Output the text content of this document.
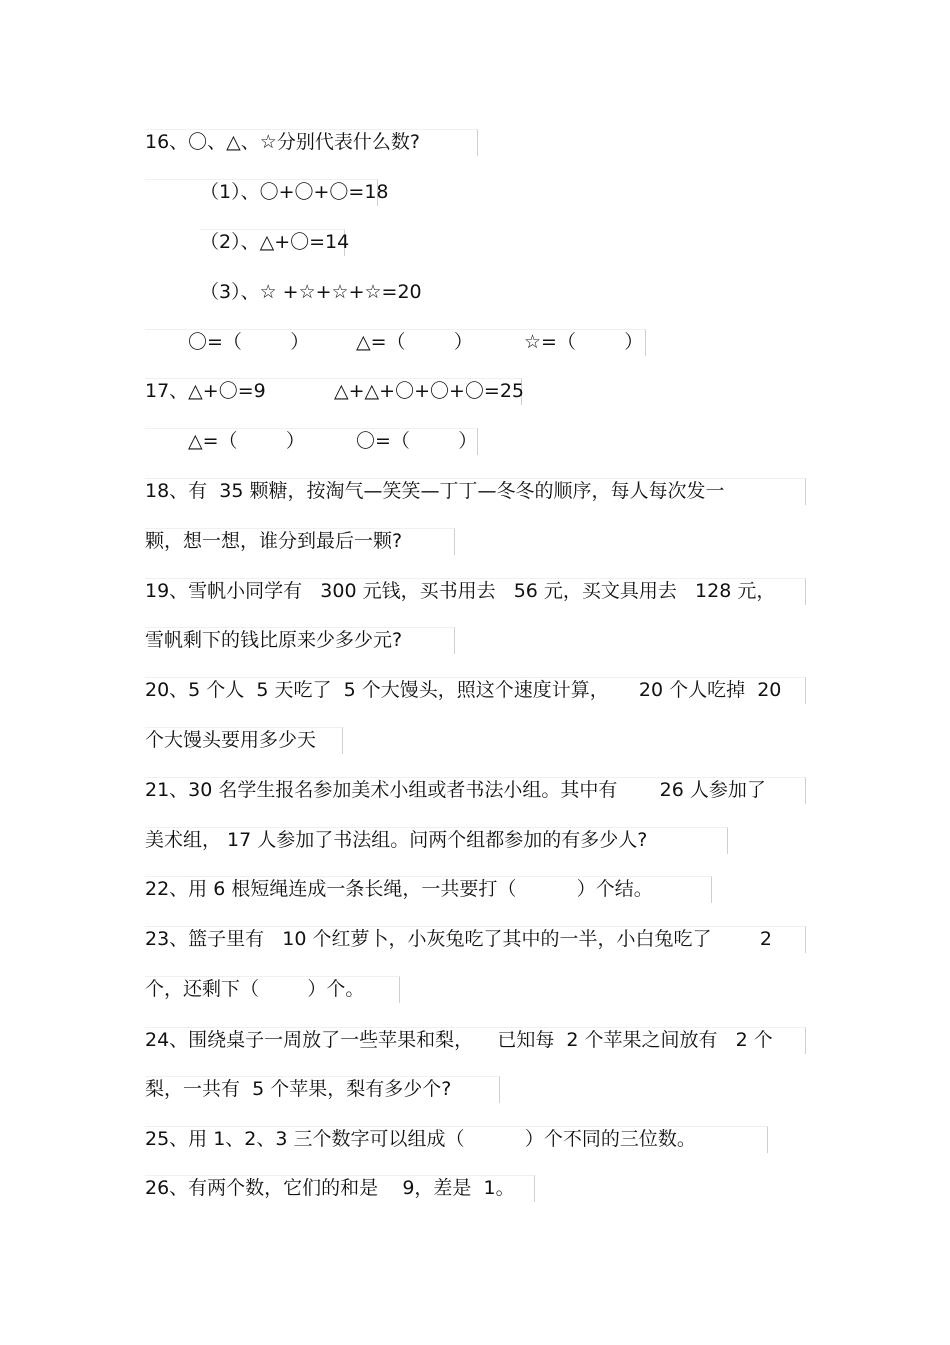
16、〇、△、☆分别代表什么数?
（1）、〇+〇+〇=18
（2）、△+〇=14
（3）、☆ +☆+☆+☆=20
〇=（        ） △=（        ）	☆=（        ）
17、△+〇=9	△+△+〇+〇+〇=25
△=（        ）	〇=（        ）
18、有  35 颗糖，按淘气—笑笑—丁丁—冬冬的顺序，每人每次发一
颗，想一想，谁分到最后一颗?
19、雪帆小同学有   300 元钱，买书用去   56 元，买文具用去   128 元，
雪帆剩下的钱比原来少多少元?
20、5 个人  5 天吃了  5 个大馒头，照这个速度计算，     20 个人吃掉  20
个大馒头要用多少天
21、30 名学生报名参加美术小组或者书法小组。其中有       26 人参加了
美术组， 17 人参加了书法组。问两个组都参加的有多少人?
22、用 6 根短绳连成一条长绳，一共要打（          ）个结。
23、篮子里有   10 个红萝卜，小灰兔吃了其中的一半，小白兔吃了        2
个，还剩下（        ）个。
24、围绕桌子一周放了一些苹果和梨，    已知每  2 个苹果之间放有   2 个
梨，一共有  5 个苹果，梨有多少个?
25、用 1、2、3 三个数字可以组成（          ）个不同的三位数。
26、有两个数，它们的和是    9，差是  1。
